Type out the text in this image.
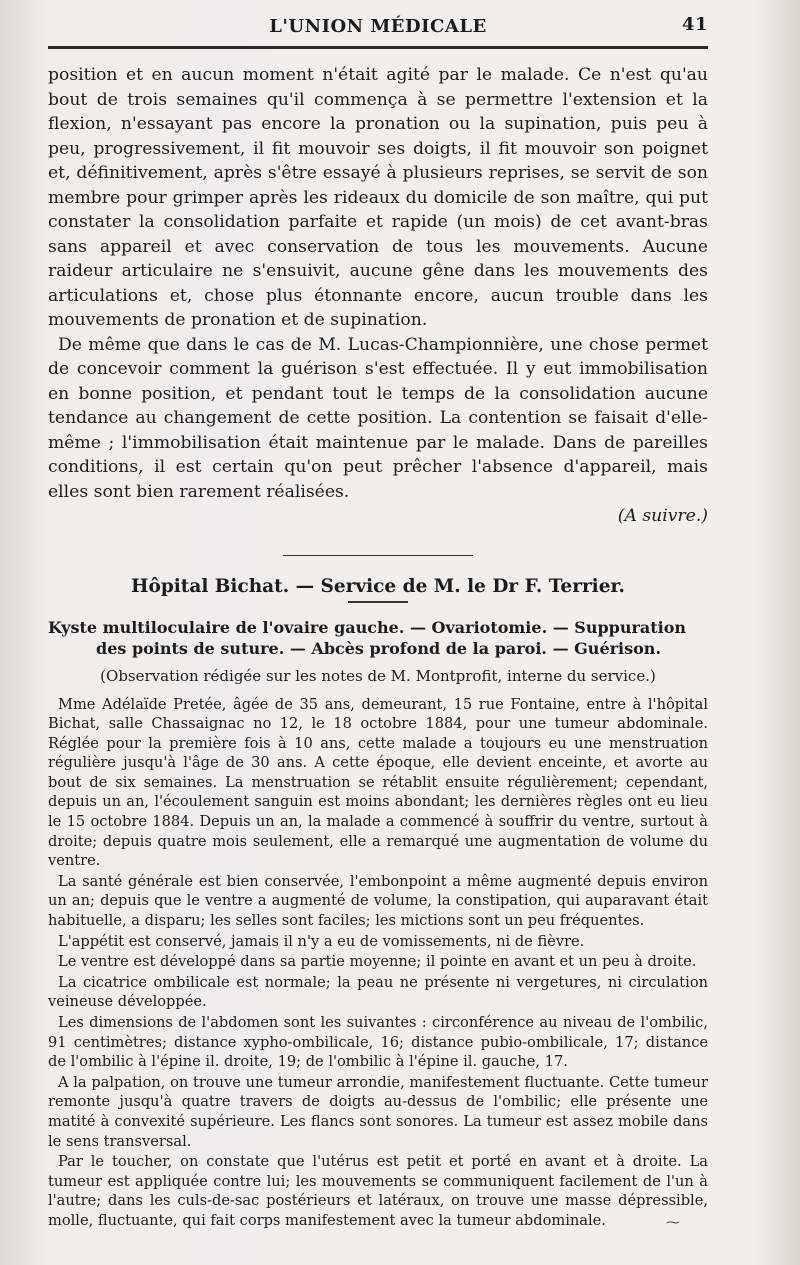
L'UNION MÉDICALE	41

position et en aucun moment n'était agité par le malade. Ce n'est qu'au bout de trois semaines qu'il commença à se permettre l'extension et la flexion, n'essayant pas encore la pronation ou la supination, puis peu à peu, progressivement, il fit mouvoir ses doigts, il fit mouvoir son poignet et, définitivement, après s'être essayé à plusieurs reprises, se servit de son membre pour grimper après les rideaux du domicile de son maître, qui put constater la consolidation parfaite et rapide (un mois) de cet avant-bras sans appareil et avec conservation de tous les mouvements. Aucune raideur articulaire ne s'ensuivit, aucune gêne dans les mouvements des articulations et, chose plus étonnante encore, aucun trouble dans les mouvements de pronation et de supination.

De même que dans le cas de M. Lucas-Championnière, une chose permet de concevoir comment la guérison s'est effectuée. Il y eut immobilisation en bonne position, et pendant tout le temps de la consolidation aucune tendance au changement de cette position. La contention se faisait d'elle-même ; l'immobilisation était maintenue par le malade. Dans de pareilles conditions, il est certain qu'on peut prêcher l'absence d'appareil, mais elles sont bien rarement réalisées.

(A suivre.)

Hôpital Bichat. — Service de M. le Dr F. Terrier.
Kyste multiloculaire de l'ovaire gauche. — Ovariotomie. — Suppuration
des points de suture. — Abcès profond de la paroi. — Guérison.
(Observation rédigée sur les notes de M. Montprofit, interne du service.)

Mme Adélaïde Pretée, âgée de 35 ans, demeurant, 15 rue Fontaine, entre à l'hôpital Bichat, salle Chassaignac no 12, le 18 octobre 1884, pour une tumeur abdominale. Réglée pour la première fois à 10 ans, cette malade a toujours eu une menstruation régulière jusqu'à l'âge de 30 ans. A cette époque, elle devient enceinte, et avorte au bout de six semaines. La menstruation se rétablit ensuite régulièrement; cependant, depuis un an, l'écoulement sanguin est moins abondant; les dernières règles ont eu lieu le 15 octobre 1884. Depuis un an, la malade a commencé à souffrir du ventre, surtout à droite; depuis quatre mois seulement, elle a remarqué une augmentation de volume du ventre.

La santé générale est bien conservée, l'embonpoint a même augmenté depuis environ un an; depuis que le ventre a augmenté de volume, la constipation, qui auparavant était habituelle, a disparu; les selles sont faciles; les mictions sont un peu fréquentes.

L'appétit est conservé, jamais il n'y a eu de vomissements, ni de fièvre.

Le ventre est développé dans sa partie moyenne; il pointe en avant et un peu à droite.

La cicatrice ombilicale est normale; la peau ne présente ni vergetures, ni circulation veineuse développée.

Les dimensions de l'abdomen sont les suivantes : circonférence au niveau de l'ombilic, 91 centimètres; distance xypho-ombilicale, 16; distance pubio-ombilicale, 17; distance de l'ombilic à l'épine il. droite, 19; de l'ombilic à l'épine il. gauche, 17.

A la palpation, on trouve une tumeur arrondie, manifestement fluctuante. Cette tumeur remonte jusqu'à quatre travers de doigts au-dessus de l'ombilic; elle présente une matité à convexité supérieure. Les flancs sont sonores. La tumeur est assez mobile dans le sens transversal.

Par le toucher, on constate que l'utérus est petit et porté en avant et à droite. La tumeur est appliquée contre lui; les mouvements se communiquent facilement de l'un à l'autre; dans les culs-de-sac postérieurs et latéraux, on trouve une masse dépressible, molle, fluctuante, qui fait corps manifestement avec la tumeur abdominale.	⁓
